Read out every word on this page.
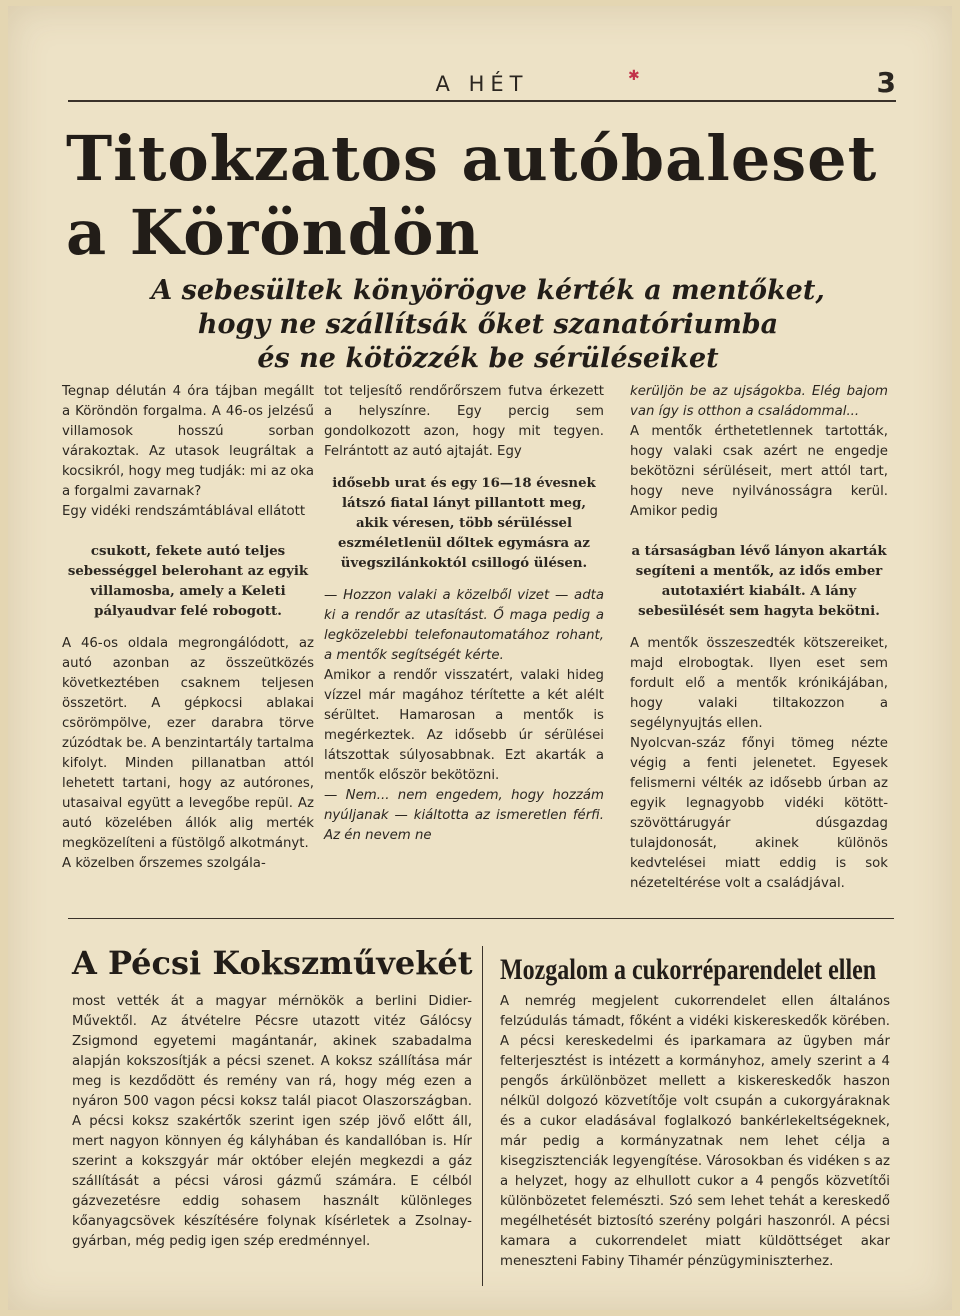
A HÉT	✱	3
Titokzatos autóbaleset
a Köröndön
A sebesültek könyörögve kérték a mentőket,
hogy ne szállítsák őket szanatóriumba
és ne kötözzék be sérüléseiket

Tegnap délután 4 óra tájban megállt a Köröndön forgalma. A 46-os jelzésű villamosok hosszú sorban várakoztak. Az utasok leugráltak a kocsikról, hogy meg tudják: mi az oka a forgalmi zavarnak?

Egy vidéki rendszámtáblával ellátott

csukott, fekete autó teljes sebességgel belerohant az egyik villamosba, amely a Keleti pályaudvar felé robogott.

A 46-os oldala megrongálódott, az autó azonban az összeütközés következtében csaknem teljesen összetört. A gépkocsi ablakai csörömpölve, ezer darabra törve zúzódtak be. A benzintartály tartalma kifolyt. Minden pillanatban attól lehetett tartani, hogy az autórones, utasaival együtt a levegőbe repül. Az autó közelében állók alig merték megközelíteni a füstölgő alkotmányt.

A közelben őrszemes szolgála-

tot teljesítő rendőrőrszem futva érkezett a helyszínre. Egy percig sem gondolkozott azon, hogy mit tegyen. Felrántott az autó ajtaját. Egy

idősebb urat és egy 16—18 évesnek látszó fiatal lányt pillantott meg, akik véresen, több sérüléssel eszméletlenül dőltek egymásra az üvegszilánkoktól csillogó ülésen.

— Hozzon valaki a közelből vizet — adta ki a rendőr az utasítást. Ő maga pedig a legközelebbi telefonautomatához rohant, a mentők segítségét kérte.

Amikor a rendőr visszatért, valaki hideg vízzel már magához térítette a két alélt sérültet. Hamarosan a mentők is megérkeztek. Az idősebb úr sérülései látszottak súlyosabbnak. Ezt akarták a mentők először bekötözni.

— Nem... nem engedem, hogy hozzám nyúljanak — kiáltotta az ismeretlen férfi. Az én nevem ne

kerüljön be az ujságokba. Elég bajom van így is otthon a családommal...

A mentők érthetetlennek tartották, hogy valaki csak azért ne engedje bekötözni sérüléseit, mert attól tart, hogy neve nyilvánosságra kerül. Amikor pedig

a társaságban lévő lányon akarták segíteni a mentők, az idős ember autotaxiért kiabált. A lány sebesülését sem hagyta bekötni.

A mentők összeszedték kötszereiket, majd elrobogtak. Ilyen eset sem fordult elő a mentők krónikájában, hogy valaki tiltakozzon a segélynyujtás ellen.

Nyolcvan-száz főnyi tömeg nézte végig a fenti jelenetet. Egyesek felismerni vélték az idősebb úrban az egyik legnagyobb vidéki kötött-szövöttárugyár dúsgazdag tulajdonosát, akinek különös kedvtelései miatt eddig is sok nézeteltérése volt a családjával.

A Pécsi Kokszművekét

most vették át a magyar mérnökök a berlini Didier-Művektől. Az átvételre Pécsre utazott vitéz Gálócsy Zsigmond egyetemi magántanár, akinek szabadalma alapján kokszosítják a pécsi szenet. A koksz szállítása már meg is kezdődött és remény van rá, hogy még ezen a nyáron 500 vagon pécsi koksz talál piacot Olaszországban. A pécsi koksz szakértők szerint igen szép jövő előtt áll, mert nagyon könnyen ég kályhában és kandallóban is. Hír szerint a kokszgyár már október elején megkezdi a gáz szállítását a pécsi városi gázmű számára. E célból gázvezetésre eddig sohasem használt különleges kőanyagcsövek készítésére folynak kísérletek a Zsolnay-gyárban, még pedig igen szép eredménnyel.

Mozgalom a cukorréparendelet ellen

A nemrég megjelent cukorrendelet ellen általános felzúdulás támadt, főként a vidéki kiskereskedők körében. A pécsi kereskedelmi és iparkamara az ügyben már felterjesztést is intézett a kormányhoz, amely szerint a 4 pengős árkülönbözet mellett a kiskereskedők haszon nélkül dolgozó közvetítője volt csupán a cukorgyáraknak és a cukor eladásával foglalkozó bankérlekeltségeknek, már pedig a kormányzatnak nem lehet célja a kisegzisztenciák legyengítése. Városokban és vidéken s az a helyzet, hogy az elhullott cukor a 4 pengős közvetítői különbözetet felemészti. Szó sem lehet tehát a kereskedő megélhetését biztosító szerény polgári haszonról. A pécsi kamara a cukorrendelet miatt küldöttséget akar meneszteni Fabiny Tihamér pénzügyminiszterhez.
